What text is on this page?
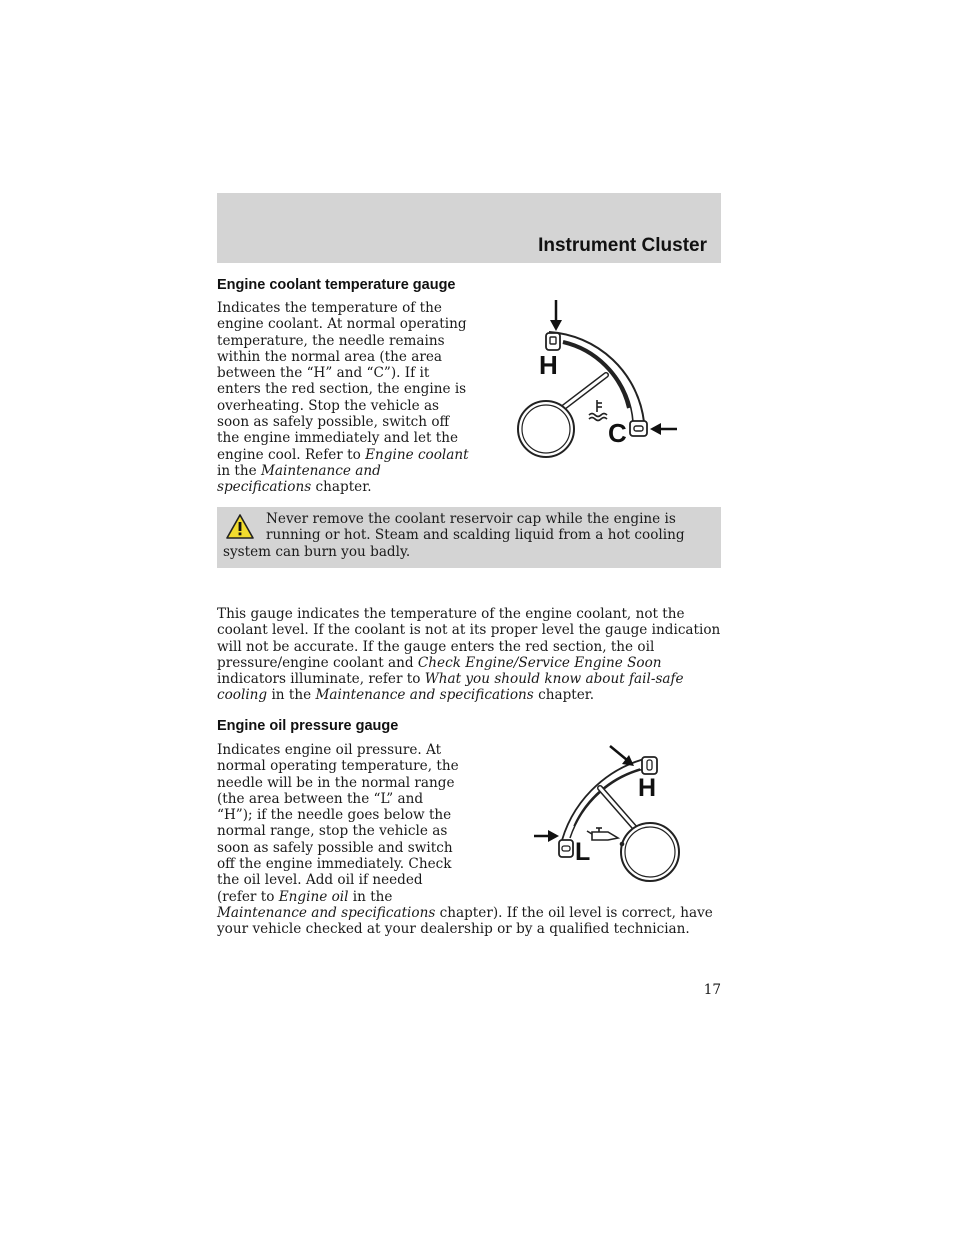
Instrument Cluster
Engine coolant temperature gauge
Indicates the temperature of the engine coolant. At normal operating temperature, the needle remains within the normal area (the area between the “H” and “C”). If it enters the red section, the engine is overheating. Stop the vehicle as soon as safely possible, switch off the engine immediately and let the engine cool. Refer to Engine coolant in the Maintenance and specifications chapter.
H
C
Never remove the coolant reservoir cap while the engine is running or hot. Steam and scalding liquid from a hot cooling system can burn you badly.
This gauge indicates the temperature of the engine coolant, not the coolant level. If the coolant is not at its proper level the gauge indication will not be accurate. If the gauge enters the red section, the oil pressure/engine coolant and Check Engine/Service Engine Soon indicators illuminate, refer to What you should know about fail-safe cooling in the Maintenance and specifications chapter.
Engine oil pressure gauge
H
L
Indicates engine oil pressure. At normal operating temperature, the needle will be in the normal range (the area between the “L” and “H”); if the needle goes below the normal range, stop the vehicle as soon as safely possible and switch off the engine immediately. Check the oil level. Add oil if needed (refer to Engine oil in the Maintenance and specifications chapter). If the oil level is correct, have your vehicle checked at your dealership or by a qualified technician.
17
